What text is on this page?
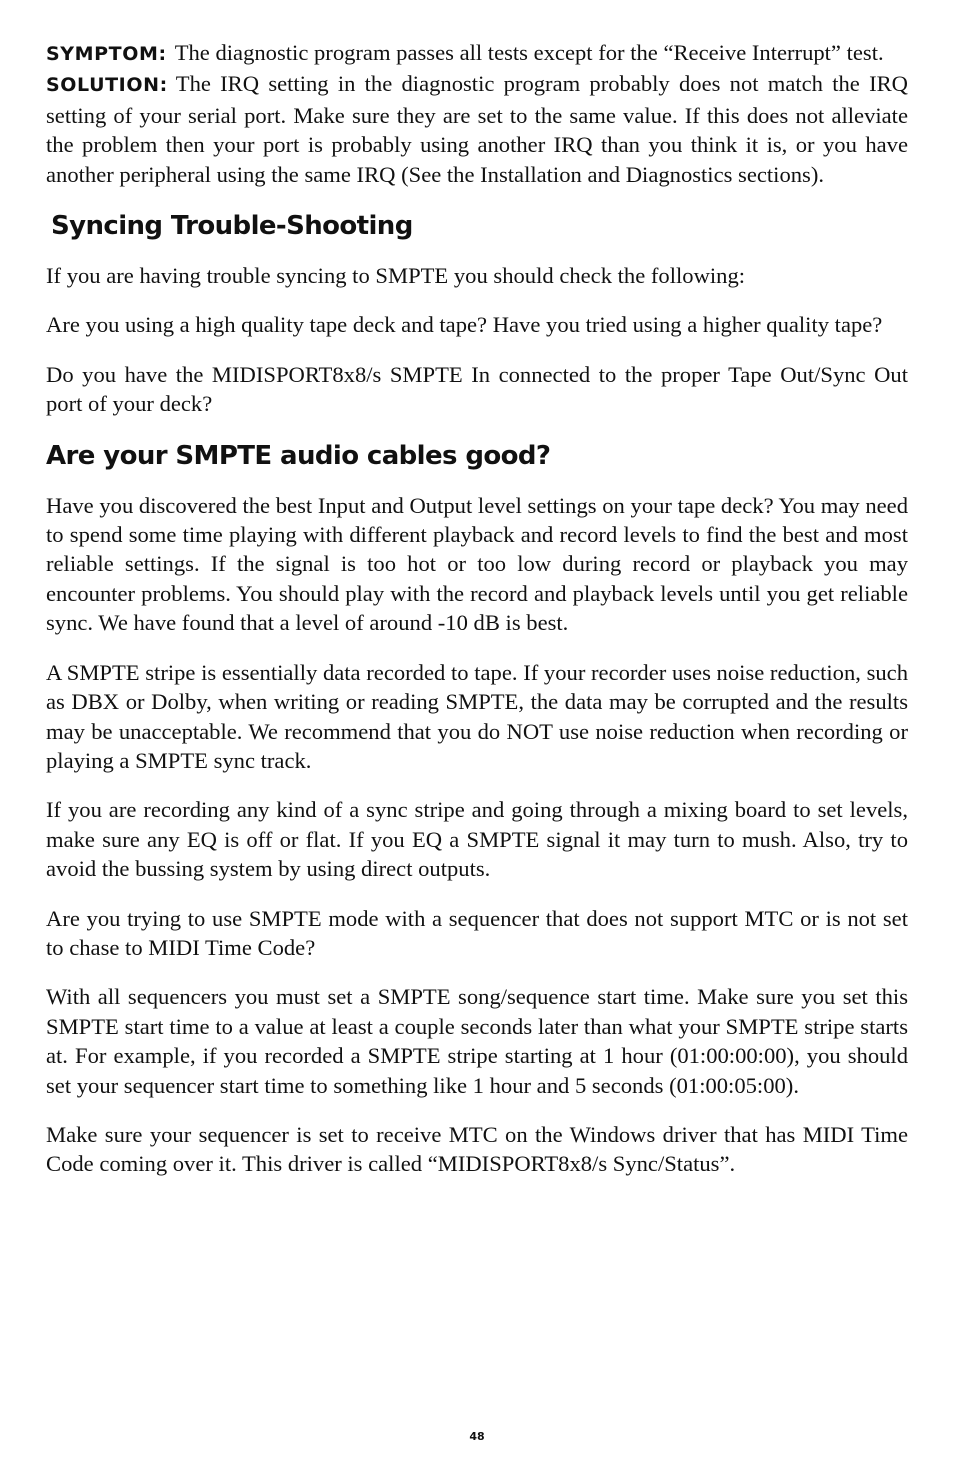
SYMPTOM: The diagnostic program passes all tests except for the “Receive Interrupt” test.

SOLUTION: The IRQ setting in the diagnostic program probably does not match the IRQ setting of your serial port. Make sure they are set to the same value. If this does not alleviate the problem then your port is probably using another IRQ than you think it is, or you have another peripheral using the same IRQ (See the Installation and Diagnostics sections).

Syncing Trouble-Shooting

If you are having trouble syncing to SMPTE you should check the following:

Are you using a high quality tape deck and tape? Have you tried using a higher quality tape?

Do you have the MIDISPORT8x8/s SMPTE In connected to the proper Tape Out/Sync Out port of your deck?

Are your SMPTE audio cables good?

Have you discovered the best Input and Output level settings on your tape deck? You may need to spend some time playing with different playback and record levels to find the best and most reliable settings. If the signal is too hot or too low during record or playback you may encounter problems. You should play with the record and playback levels until you get reliable sync. We have found that a level of around -10 dB is best.

A SMPTE stripe is essentially data recorded to tape. If your recorder uses noise reduction, such as DBX or Dolby, when writing or reading SMPTE, the data may be corrupted and the results may be unacceptable. We recommend that you do NOT use noise reduction when recording or playing a SMPTE sync track.

If you are recording any kind of a sync stripe and going through a mixing board to set levels, make sure any EQ is off or flat. If you EQ a SMPTE signal it may turn to mush. Also, try to avoid the bussing system by using direct outputs.

Are you trying to use SMPTE mode with a sequencer that does not support MTC or is not set to chase to MIDI Time Code?

With all sequencers you must set a SMPTE song/sequence start time. Make sure you set this SMPTE start time to a value at least a couple seconds later than what your SMPTE stripe starts at. For example, if you recorded a SMPTE stripe starting at 1 hour (01:00:00:00), you should set your sequencer start time to something like 1 hour and 5 seconds (01:00:05:00).

Make sure your sequencer is set to receive MTC on the Windows driver that has MIDI Time Code coming over it. This driver is called “MIDISPORT8x8/s Sync/Status”.

48
